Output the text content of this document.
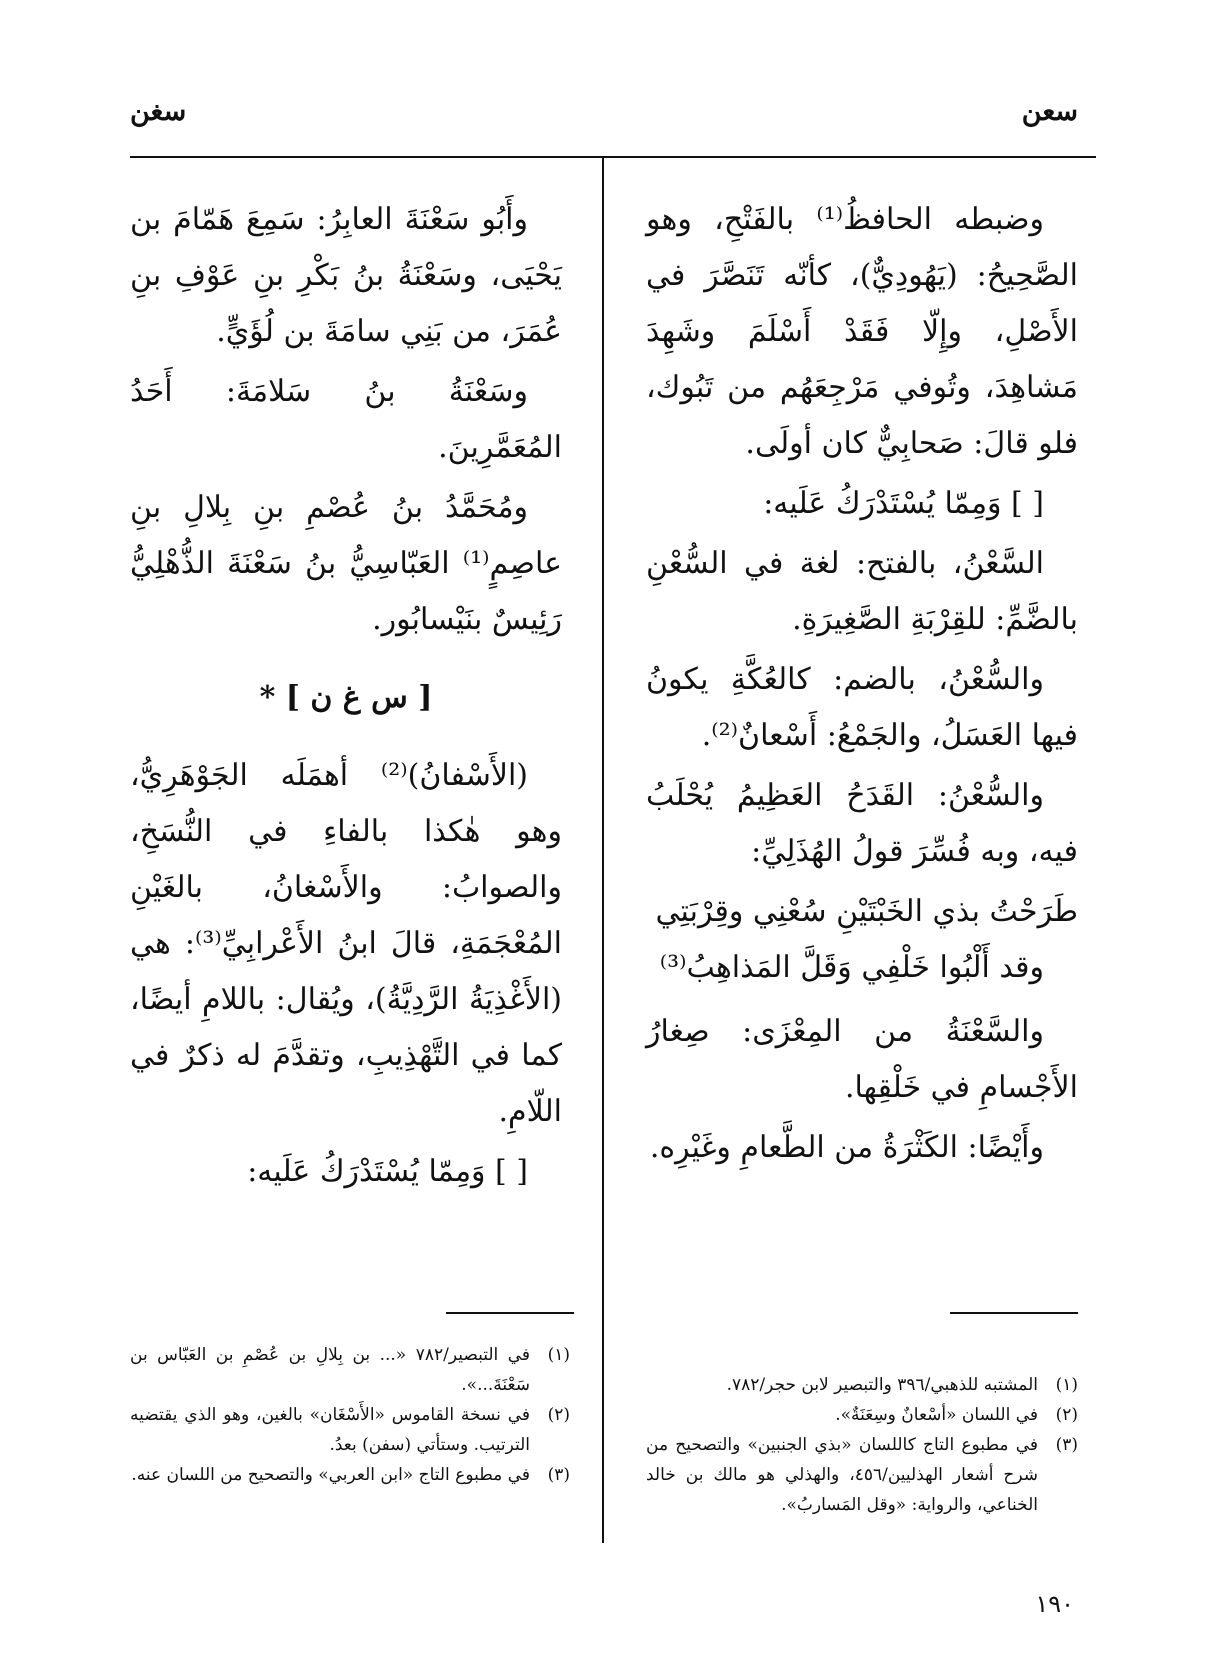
سعن
سغن

وضبطه الحافظُ⁽¹⁾ بالفَتْحِ، وهو الصَّحِيحُ: (يَهُودِيٌّ)، كأنّه تَنَصَّرَ في الأَصْلِ، وإِلّا فَقَدْ أَسْلَمَ وشَهِدَ مَشاهِدَ، وتُوفي مَرْجِعَهُم من تَبُوك، فلو قالَ: صَحابِيٌّ كان أولَى.

[ ] وَمِمّا يُسْتَدْرَكُ عَلَيه:

السَّعْنُ، بالفتح: لغة في السُّعْنِ بالضَّمِّ: للقِرْبَةِ الصَّغِيرَةِ.

والسُّعْنُ، بالضم: كالعُكَّةِ يكونُ فيها العَسَلُ، والجَمْعُ: أَسْعانٌ⁽²⁾.

والسُّعْنُ: القَدَحُ العَظِيمُ يُحْلَبُ فيه، وبه فُسِّرَ قولُ الهُذَلِيِّ:

طَرَحْتُ بذي الخَبْتَيْنِ سُعْنِي وقِرْبَتِي

وقد أَلْبُوا خَلْفِي وَقَلَّ المَذاهِبُ⁽³⁾

والسَّعْنَةُ من المِعْزَى: صِغارُ الأَجْسامِ في خَلْقِها.

وأَيْضًا: الكَثْرَةُ من الطَّعامِ وغَيْرِه.

وأَبُو سَعْنَةَ العابِرُ: سَمِعَ هَمّامَ بن يَحْيَى، وسَعْنَةُ بنُ بَكْرِ بنِ عَوْفِ بنِ عُمَرَ، من بَنِي سامَةَ بن لُؤَيٍّ.

وسَعْنَةُ بنُ سَلامَةَ: أَحَدُ المُعَمَّرِينَ.

ومُحَمَّدُ بنُ عُصْمِ بنِ بِلالِ بنِ عاصِمٍ⁽¹⁾ العَبّاسِيُّ بنُ سَعْنَةَ الذُّهْلِيُّ رَئِيسٌ بنَيْسابُور.

[ س غ ن ] *

(الأَسْفانُ)⁽²⁾ أهمَلَه الجَوْهَرِيُّ، وهو هٰكذا بالفاءِ في النُّسَخِ، والصوابُ: والأَسْغانُ، بالغَيْنِ المُعْجَمَةِ، قالَ ابنُ الأَعْرابِيِّ⁽³⁾: هي (الأَغْذِيَةُ الرَّدِيَّةُ)، ويُقال: باللامِ أيضًا، كما في التَّهْذِيبِ، وتقدَّمَ له ذكرٌ في اللّامِ.

[ ] وَمِمّا يُسْتَدْرَكُ عَلَيه:

(١)
المشتبه للذهبي/٣٩٦ والتبصير لابن حجر/٧٨٢.
(٢)
في اللسان «أسْعانٌ وسِعَنَةٌ».
(٣)
في مطبوع التاج كاللسان «بذي الجنبين» والتصحيح من شرح أشعار الهذليين/٤٥٦، والهذلي هو مالك بن خالد الخناعي، والرواية: «وقل المَساربُ».
(١)
في التبصير/٧٨٢ «... بن بِلالِ بن عُصْمِ بن العَبّاس بن سَعْنَةَ...».
(٢)
في نسخة القاموس «الأَسْغَان» بالغين، وهو الذي يقتضيه الترتيب. وستأتي (سفن) بعدُ.
(٣)
في مطبوع التاج «ابن العربي» والتصحيح من اللسان عنه.
١٩٠
